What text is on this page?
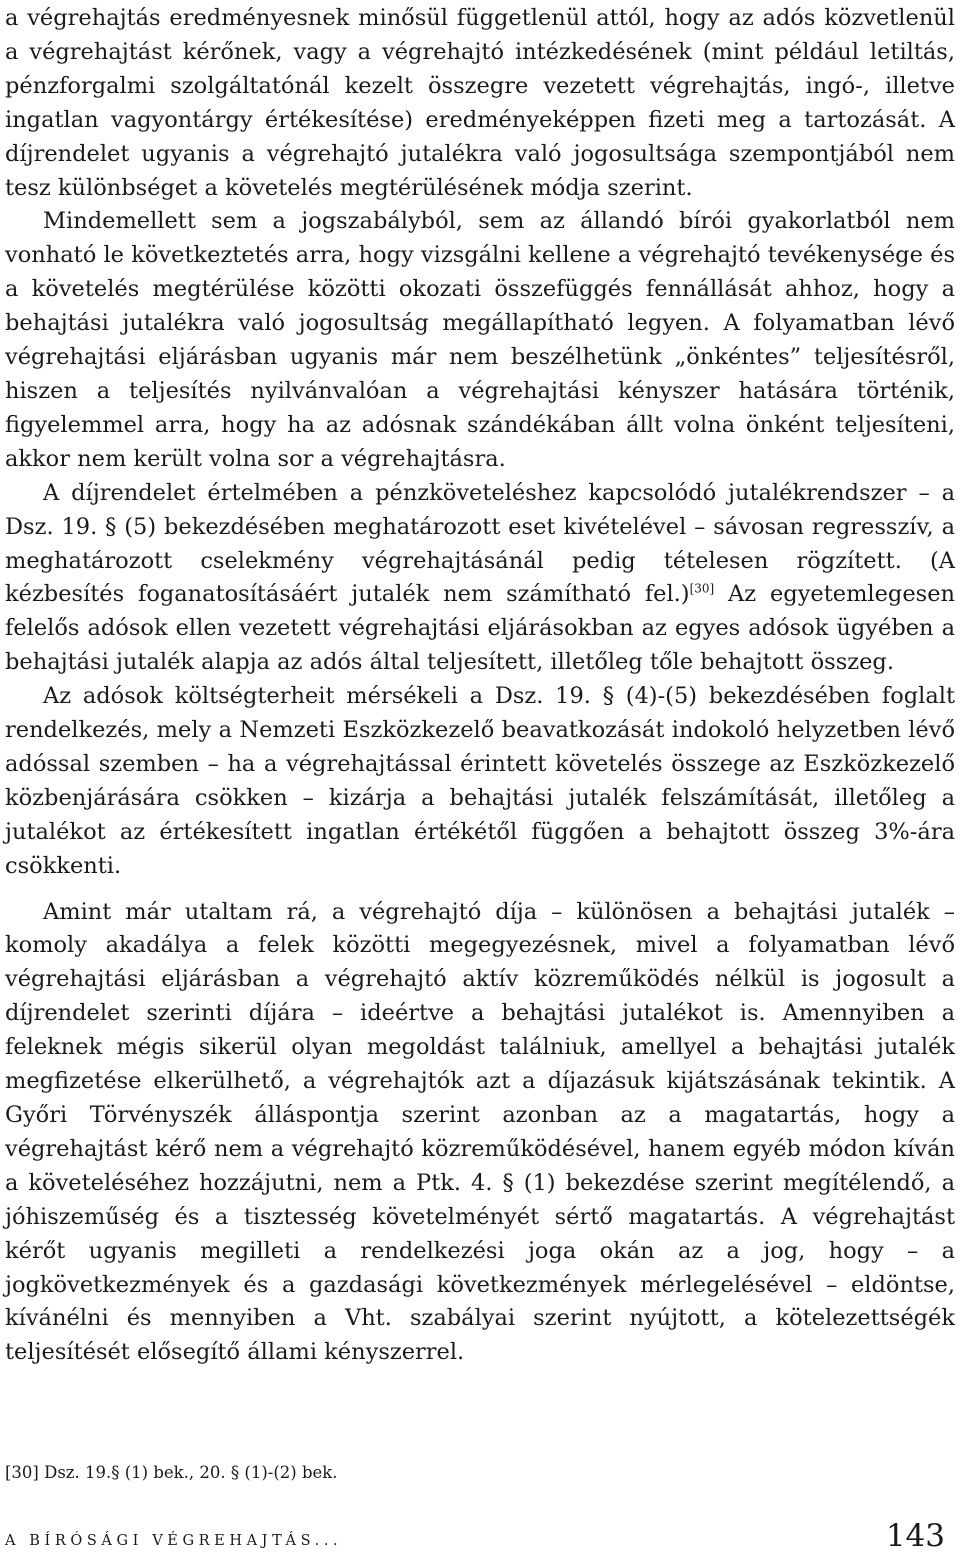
a végrehajtás eredményesnek minősül függetlenül attól, hogy az adós közvetlenül a végrehajtást kérőnek, vagy a végrehajtó intézkedésének (mint például letiltás, pénzforgalmi szolgáltatónál kezelt összegre vezetett végrehajtás, ingó-, illetve ingatlan vagyontárgy értékesítése) eredményeképpen fizeti meg a tartozását. A díjrendelet ugyanis a végrehajtó jutalékra való jogosultsága szempontjából nem tesz különbséget a követelés megtérülésének módja szerint.

Mindemellett sem a jogszabályból, sem az állandó bírói gyakorlatból nem vonható le következtetés arra, hogy vizsgálni kellene a végrehajtó tevékenysége és a követelés megtérülése közötti okozati összefüggés fennállását ahhoz, hogy a behajtási jutalékra való jogosultság megállapítható legyen. A folyamatban lévő végrehajtási eljárásban ugyanis már nem beszélhetünk „önkéntes” teljesítésről, hiszen a teljesítés nyilvánvalóan a végrehajtási kényszer hatására történik, figyelemmel arra, hogy ha az adósnak szándékában állt volna önként teljesíteni, akkor nem került volna sor a végrehajtásra.

A díjrendelet értelmében a pénzköveteléshez kapcsolódó jutalékrendszer – a Dsz. 19. § (5) bekezdésében meghatározott eset kivételével – sávosan regresszív, a meghatározott cselekmény végrehajtásánál pedig tételesen rögzített. (A kézbesítés foganatosításáért jutalék nem számítható fel.)[30] Az egyetemlegesen felelős adósok ellen vezetett végrehajtási eljárásokban az egyes adósok ügyében a behajtási jutalék alapja az adós által teljesített, illetőleg tőle behajtott összeg.

Az adósok költségterheit mérsékeli a Dsz. 19. § (4)-(5) bekezdésében foglalt rendelkezés, mely a Nemzeti Eszközkezelő beavatkozását indokoló helyzetben lévő adóssal szemben – ha a végrehajtással érintett követelés összege az Eszközkezelő közbenjárására csökken – kizárja a behajtási jutalék felszámítását, illetőleg a jutalékot az értékesített ingatlan értékétől függően a behajtott összeg 3%-ára csökkenti.

Amint már utaltam rá, a végrehajtó díja – különösen a behajtási jutalék – komoly akadálya a felek közötti megegyezésnek, mivel a folyamatban lévő végrehajtási eljárásban a végrehajtó aktív közreműködés nélkül is jogosult a díjrendelet szerinti díjára – ideértve a behajtási jutalékot is. Amennyiben a feleknek mégis sikerül olyan megoldást találniuk, amellyel a behajtási jutalék megfizetése elkerülhető, a végrehajtók azt a díjazásuk kijátszásának tekintik. A Győri Törvényszék álláspontja szerint azonban az a magatartás, hogy a végrehajtást kérő nem a végrehajtó közreműködésével, hanem egyéb módon kíván a követeléséhez hozzájutni, nem a Ptk. 4. § (1) bekezdése szerint megítélendő, a jóhiszeműség és a tisztesség követelményét sértő magatartás. A végrehajtást kérőt ugyanis megilleti a rendelkezési joga okán az a jog, hogy – a jogkövetkezmények és a gazdasági következmények mérlegelésével – eldöntse, kívánélni és mennyiben a Vht. szabályai szerint nyújtott, a kötelezettségék teljesítését elősegítő állami kényszerrel.

[30] Dsz. 19.§ (1) bek., 20. § (1)-(2) bek.

A BÍRÓSÁGI VÉGREHAJTÁS...	143
